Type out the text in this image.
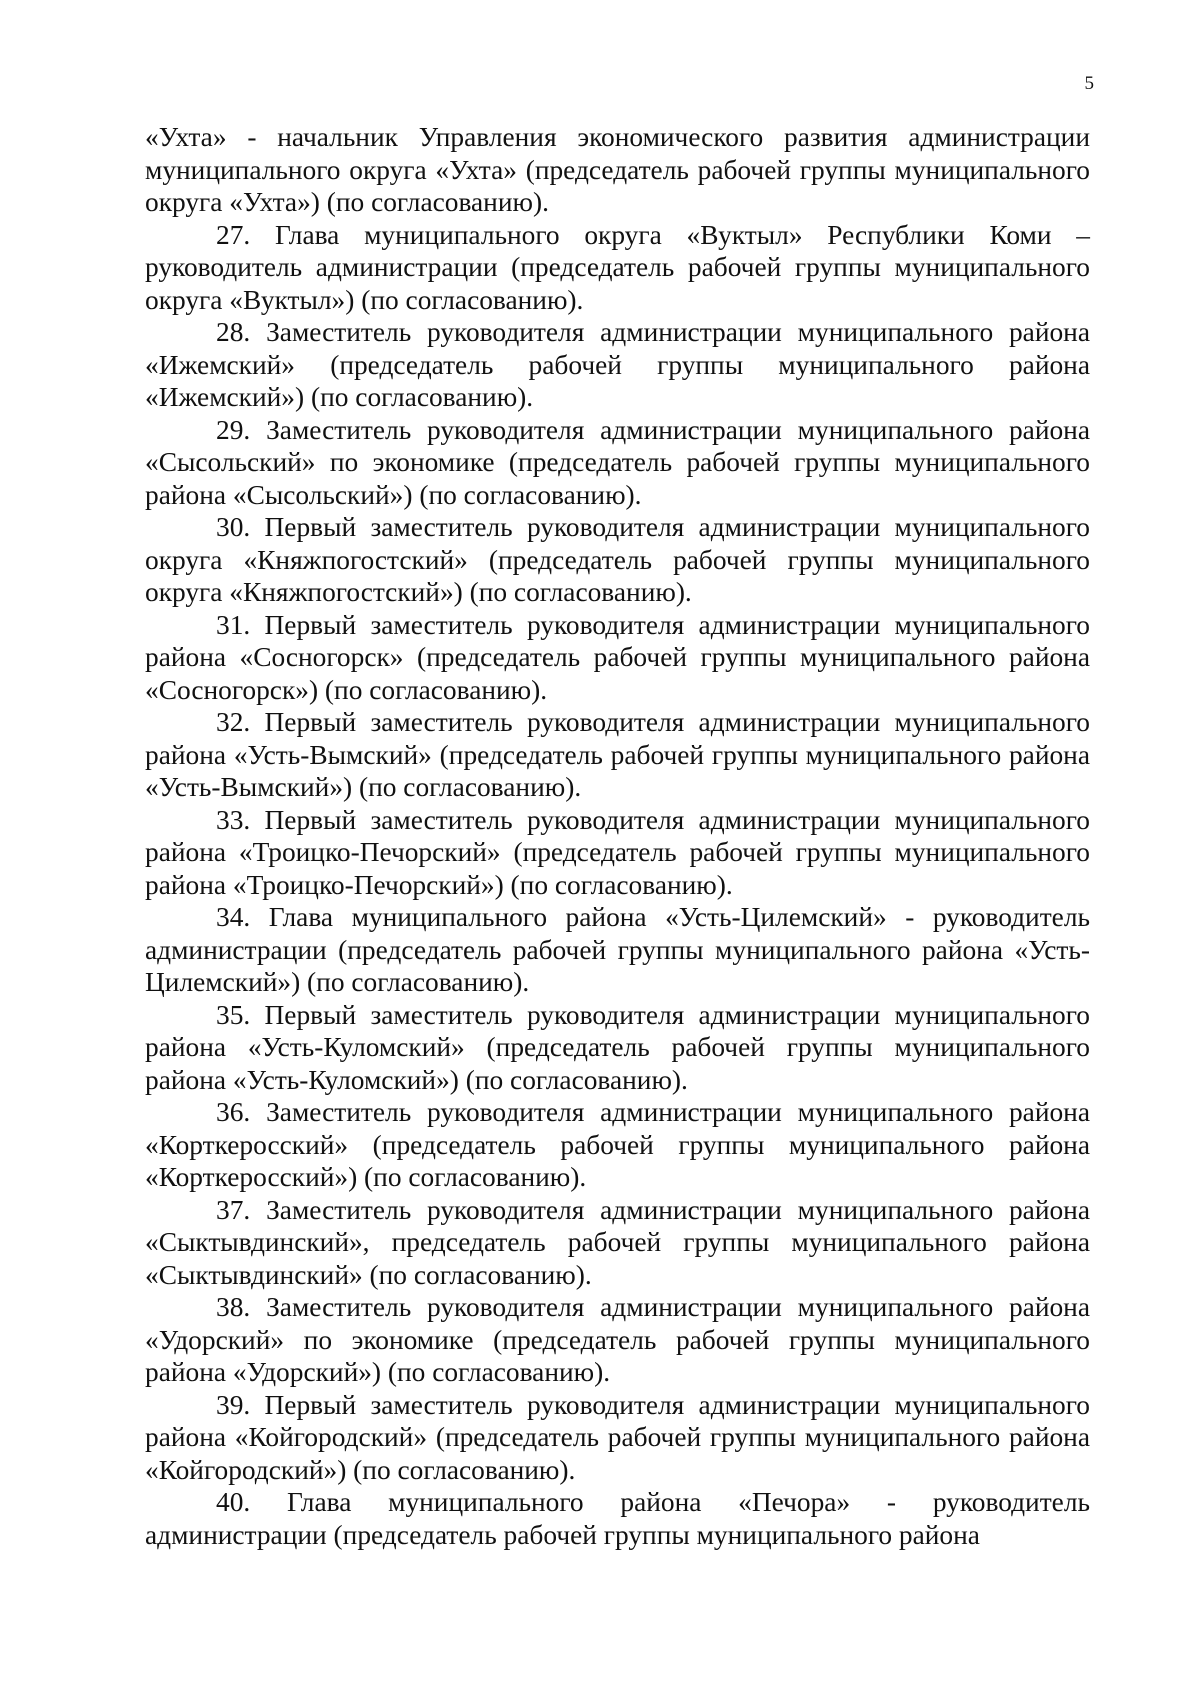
5

«Ухта» - начальник Управления экономического развития администрации муниципального округа «Ухта» (председатель рабочей группы муниципального округа «Ухта») (по согласованию).

27. Глава муниципального округа «Вуктыл» Республики Коми – руководитель администрации (председатель рабочей группы муниципального округа «Вуктыл») (по согласованию).

28. Заместитель руководителя администрации муниципального района «Ижемский» (председатель рабочей группы муниципального района «Ижемский») (по согласованию).

29. Заместитель руководителя администрации муниципального района «Сысольский» по экономике (председатель рабочей группы муниципального района «Сысольский») (по согласованию).

30. Первый заместитель руководителя администрации муниципального округа «Княжпогостский» (председатель рабочей группы муниципального округа «Княжпогостский») (по согласованию).

31. Первый заместитель руководителя администрации муниципального района «Сосногорск» (председатель рабочей группы муниципального района «Сосногорск») (по согласованию).

32. Первый заместитель руководителя администрации муниципального района «Усть-Вымский» (председатель рабочей группы муниципального района «Усть-Вымский») (по согласованию).

33. Первый заместитель руководителя администрации муниципального района «Троицко-Печорский» (председатель рабочей группы муниципального района «Троицко-Печорский») (по согласованию).

34. Глава муниципального района «Усть-Цилемский» - руководитель администрации (председатель рабочей группы муниципального района «Усть-Цилемский») (по согласованию).

35. Первый заместитель руководителя администрации муниципального района «Усть-Куломский» (председатель рабочей группы муниципального района «Усть-Куломский») (по согласованию).

36. Заместитель руководителя администрации муниципального района «Корткеросский» (председатель рабочей группы муниципального района «Корткеросский») (по согласованию).

37. Заместитель руководителя администрации муниципального района «Сыктывдинский», председатель рабочей группы муниципального района «Сыктывдинский» (по согласованию).

38. Заместитель руководителя администрации муниципального района «Удорский» по экономике (председатель рабочей группы муниципального района «Удорский») (по согласованию).

39. Первый заместитель руководителя администрации муниципального района «Койгородский» (председатель рабочей группы муниципального района «Койгородский») (по согласованию).

40. Глава муниципального района «Печора» - руководитель администрации (председатель рабочей группы муниципального района
